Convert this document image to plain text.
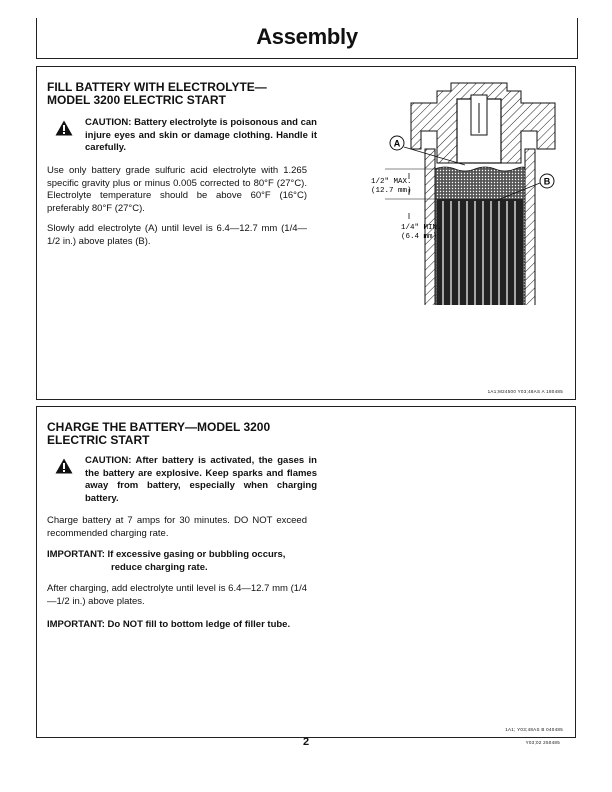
Assembly
FILL BATTERY WITH ELECTROLYTE—
MODEL 3200 ELECTRIC START
CAUTION: Battery electrolyte is poisonous and can injure eyes and skin or damage clothing. Handle it carefully.
Use only battery grade sulfuric acid electrolyte with 1.265 specific gravity plus or minus 0.005 corrected to 80°F (27°C). Electrolyte temperature should be above 60°F (16°C) preferably 80°F (27°C).
Slowly add electrolyte (A) until level is 6.4—12.7 mm (1/4—1/2 in.) above plates (B).
A
B
1/2" MAX.
(12.7 mm)
1/4" MIN.
(6.4 mm)
1A1;M24500 Y03;48AS A 180485
CHARGE THE BATTERY—MODEL 3200
ELECTRIC START
CAUTION: After battery is activated, the gases in the battery are explosive. Keep sparks and flames away from battery, especially when charging battery.
Charge battery at 7 amps for 30 minutes. DO NOT exceed recommended charging rate.
IMPORTANT: If excessive gasing or bubbling occurs,
reduce charging rate.
After charging, add electrolyte until level is 6.4—12.7 mm (1/4—1/2 in.) above plates.
IMPORTANT: Do NOT fill to bottom ledge of filler tube.
1A1; Y03;48AS B 040485
2	Y03;02 250485
